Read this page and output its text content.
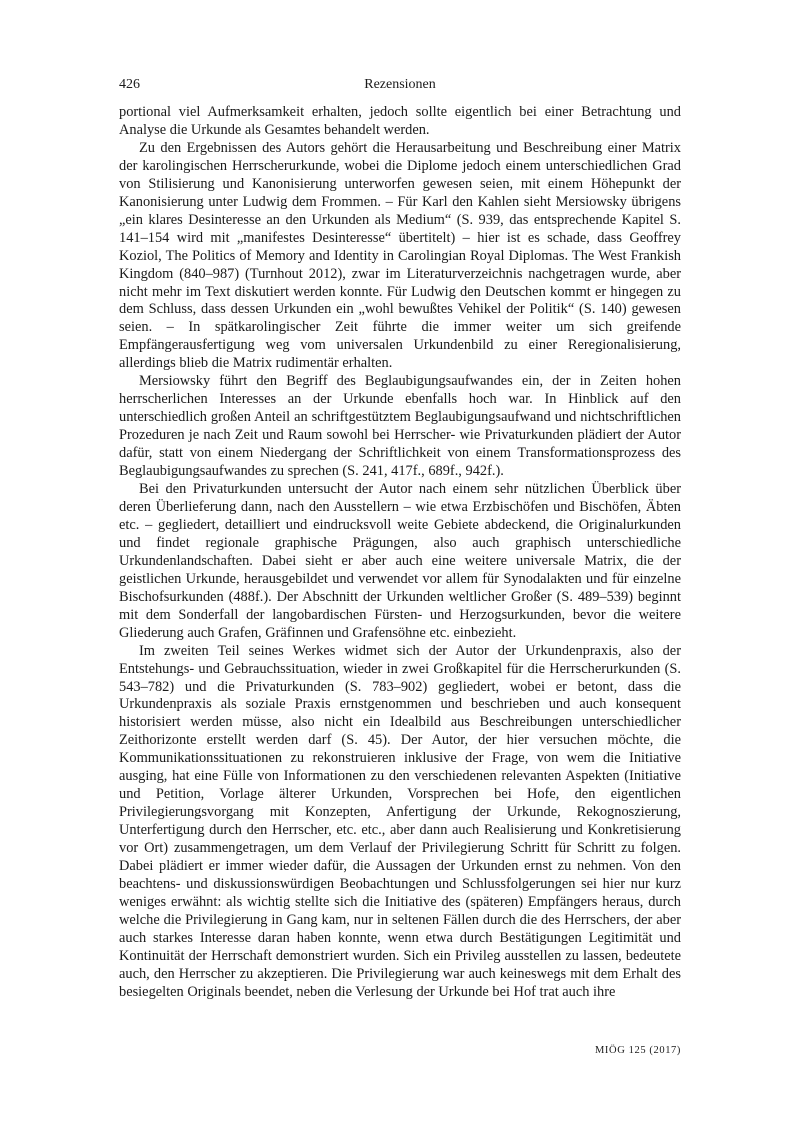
426	Rezensionen

portional viel Aufmerksamkeit erhalten, jedoch sollte eigentlich bei einer Betrachtung und Analyse die Urkunde als Gesamtes behandelt werden.

Zu den Ergebnissen des Autors gehört die Herausarbeitung und Beschreibung einer Matrix der karolingischen Herrscherurkunde, wobei die Diplome jedoch einem unterschiedlichen Grad von Stilisierung und Kanonisierung unterworfen gewesen seien, mit einem Höhepunkt der Kanonisierung unter Ludwig dem Frommen. – Für Karl den Kahlen sieht Mersiowsky übrigens „ein klares Desinteresse an den Urkunden als Medium“ (S. 939, das entsprechende Kapitel S. 141–154 wird mit „manifestes Desinteresse“ übertitelt) – hier ist es schade, dass Geoffrey Koziol, The Politics of Memory and Identity in Carolingian Royal Diplomas. The West Frankish Kingdom (840–987) (Turnhout 2012), zwar im Literaturverzeichnis nachgetragen wurde, aber nicht mehr im Text diskutiert werden konnte. Für Ludwig den Deutschen kommt er hingegen zu dem Schluss, dass dessen Urkunden ein „wohl bewußtes Vehikel der Politik“ (S. 140) gewesen seien. – In spätkarolingischer Zeit führte die immer weiter um sich greifende Empfängerausfertigung weg vom universalen Urkundenbild zu einer Reregionalisierung, allerdings blieb die Matrix rudimentär erhalten.

Mersiowsky führt den Begriff des Beglaubigungsaufwandes ein, der in Zeiten hohen herrscherlichen Interesses an der Urkunde ebenfalls hoch war. In Hinblick auf den unterschiedlich großen Anteil an schriftgestütztem Beglaubigungsaufwand und nichtschriftlichen Prozeduren je nach Zeit und Raum sowohl bei Herrscher- wie Privaturkunden plädiert der Autor dafür, statt von einem Niedergang der Schriftlichkeit von einem Transformationsprozess des Beglaubigungsaufwandes zu sprechen (S. 241, 417f., 689f., 942f.).

Bei den Privaturkunden untersucht der Autor nach einem sehr nützlichen Überblick über deren Überlieferung dann, nach den Ausstellern – wie etwa Erzbischöfen und Bischöfen, Äbten etc. – gegliedert, detailliert und eindrucksvoll weite Gebiete abdeckend, die Originalurkunden und findet regionale graphische Prägungen, also auch graphisch unterschiedliche Urkundenlandschaften. Dabei sieht er aber auch eine weitere universale Matrix, die der geistlichen Urkunde, herausgebildet und verwendet vor allem für Synodalakten und für einzelne Bischofsurkunden (488f.). Der Abschnitt der Urkunden weltlicher Großer (S. 489–539) beginnt mit dem Sonderfall der langobardischen Fürsten- und Herzogsurkunden, bevor die weitere Gliederung auch Grafen, Gräfinnen und Grafensöhne etc. einbezieht.

Im zweiten Teil seines Werkes widmet sich der Autor der Urkundenpraxis, also der Entstehungs- und Gebrauchssituation, wieder in zwei Großkapitel für die Herrscherurkunden (S. 543–782) und die Privaturkunden (S. 783–902) gegliedert, wobei er betont, dass die Urkundenpraxis als soziale Praxis ernstgenommen und beschrieben und auch konsequent historisiert werden müsse, also nicht ein Idealbild aus Beschreibungen unterschiedlicher Zeithorizonte erstellt werden darf (S. 45). Der Autor, der hier versuchen möchte, die Kommunikationssituationen zu rekonstruieren inklusive der Frage, von wem die Initiative ausging, hat eine Fülle von Informationen zu den verschiedenen relevanten Aspekten (Initiative und Petition, Vorlage älterer Urkunden, Vorsprechen bei Hofe, den eigentlichen Privilegierungsvorgang mit Konzepten, Anfertigung der Urkunde, Rekognoszierung, Unterfertigung durch den Herrscher, etc. etc., aber dann auch Realisierung und Konkretisierung vor Ort) zusammengetragen, um dem Verlauf der Privilegierung Schritt für Schritt zu folgen. Dabei plädiert er immer wieder dafür, die Aussagen der Urkunden ernst zu nehmen. Von den beachtens- und diskussionswürdigen Beobachtungen und Schlussfolgerungen sei hier nur kurz weniges erwähnt: als wichtig stellte sich die Initiative des (späteren) Empfängers heraus, durch welche die Privilegierung in Gang kam, nur in seltenen Fällen durch die des Herrschers, der aber auch starkes Interesse daran haben konnte, wenn etwa durch Bestätigungen Legitimität und Kontinuität der Herrschaft demonstriert wurden. Sich ein Privileg ausstellen zu lassen, bedeutete auch, den Herrscher zu akzeptieren. Die Privilegierung war auch keineswegs mit dem Erhalt des besiegelten Originals beendet, neben die Verlesung der Urkunde bei Hof trat auch ihre

MIÖG 125 (2017)
